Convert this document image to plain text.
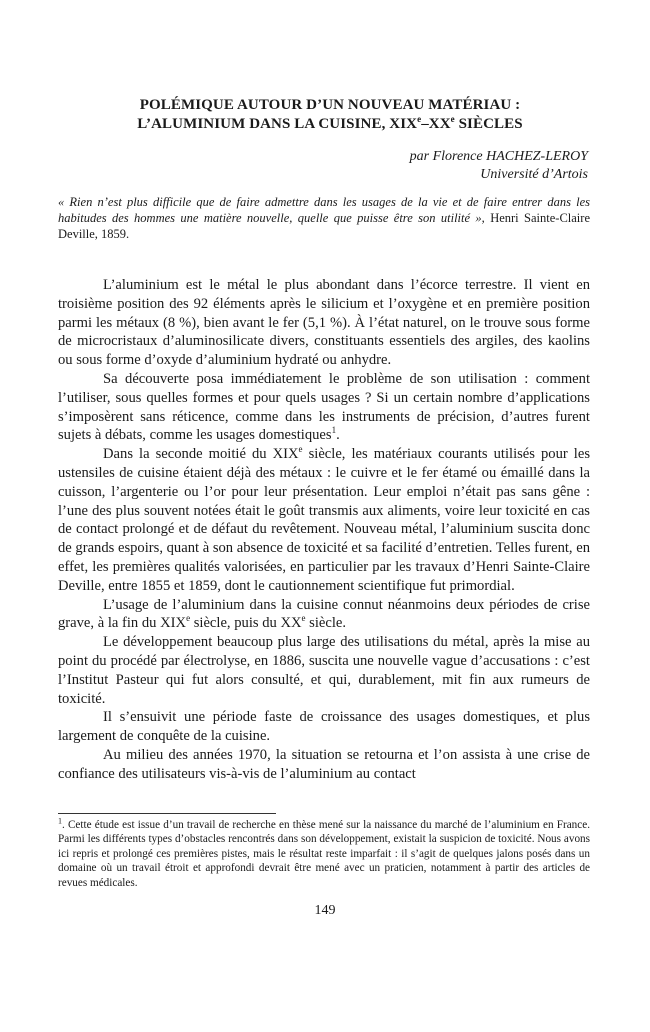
POLÉMIQUE AUTOUR D’UN NOUVEAU MATÉRIAU :
L’ALUMINIUM DANS LA CUISINE, XIXe–XXe SIÈCLES
par Florence HACHEZ-LEROY
Université d’Artois
« Rien n’est plus difficile que de faire admettre dans les usages de la vie et de faire entrer dans les habitudes des hommes une matière nouvelle, quelle que puisse être son utilité », Henri Sainte-Claire Deville, 1859.

L’aluminium est le métal le plus abondant dans l’écorce terrestre. Il vient en troisième position des 92 éléments après le silicium et l’oxygène et en première position parmi les métaux (8 %), bien avant le fer (5,1 %). À l’état naturel, on le trouve sous forme de microcristaux d’aluminosilicate divers, constituants essentiels des argiles, des kaolins ou sous forme d’oxyde d’aluminium hydraté ou anhydre.

Sa découverte posa immédiatement le problème de son utilisation : comment l’utiliser, sous quelles formes et pour quels usages ? Si un certain nombre d’applications s’imposèrent sans réticence, comme dans les instruments de précision, d’autres furent sujets à débats, comme les usages domestiques$^1$.

Dans la seconde moitié du XIXe siècle, les matériaux courants utilisés pour les ustensiles de cuisine étaient déjà des métaux : le cuivre et le fer étamé ou émaillé dans la cuisson, l’argenterie ou l’or pour leur présentation. Leur emploi n’était pas sans gêne : l’une des plus souvent notées était le goût transmis aux aliments, voire leur toxicité en cas de contact prolongé et de défaut du revêtement. Nouveau métal, l’aluminium suscita donc de grands espoirs, quant à son absence de toxicité et sa facilité d’entretien. Telles furent, en effet, les premières qualités valorisées, en particulier par les travaux d’Henri Sainte-Claire Deville, entre 1855 et 1859, dont le cautionnement scientifique fut primordial.

L’usage de l’aluminium dans la cuisine connut néanmoins deux périodes de crise grave, à la fin du XIXe siècle, puis du XXe siècle.

Le développement beaucoup plus large des utilisations du métal, après la mise au point du procédé par électrolyse, en 1886, suscita une nouvelle vague d’accusations : c’est l’Institut Pasteur qui fut alors consulté, et qui, durablement, mit fin aux rumeurs de toxicité.

Il s’ensuivit une période faste de croissance des usages domestiques, et plus largement de conquête de la cuisine.

Au milieu des années 1970, la situation se retourna et l’on assista à une crise de confiance des utilisateurs vis-à-vis de l’aluminium au contact

$^1$. Cette étude est issue d’un travail de recherche en thèse mené sur la naissance du marché de l’aluminium en France. Parmi les différents types d’obstacles rencontrés dans son développement, existait la suspicion de toxicité. Nous avons ici repris et prolongé ces premières pistes, mais le résultat reste imparfait : il s’agit de quelques jalons posés dans un domaine où un travail étroit et approfondi devrait être mené avec un praticien, notamment à partir des articles de revues médicales.
149
